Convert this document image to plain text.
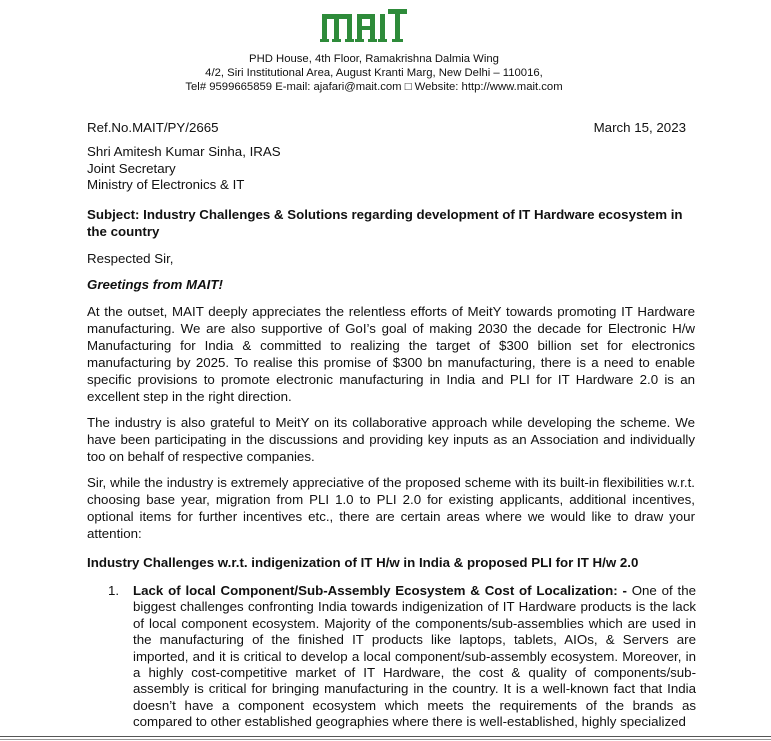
PHD House, 4th Floor, Ramakrishna Dalmia Wing
4/2, Siri Institutional Area, August Kranti Marg, New Delhi – 110016,
Tel# 9599665859 E-mail: ajafari@mait.com □ Website: http://www.mait.com
Ref.No.MAIT/PY/2665	March 15, 2023
Shri Amitesh Kumar Sinha, IRAS
Joint Secretary
Ministry of Electronics & IT
Subject: Industry Challenges & Solutions regarding development of IT Hardware ecosystem in the country
Respected Sir,
Greetings from MAIT!
At the outset, MAIT deeply appreciates the relentless efforts of MeitY towards promoting IT Hardware manufacturing. We are also supportive of GoI’s goal of making 2030 the decade for Electronic H/w Manufacturing for India & committed to realizing the target of $300 billion set for electronics manufacturing by 2025. To realise this promise of $300 bn manufacturing, there is a need to enable specific provisions to promote electronic manufacturing in India and PLI for IT Hardware 2.0 is an excellent step in the right direction.
The industry is also grateful to MeitY on its collaborative approach while developing the scheme. We have been participating in the discussions and providing key inputs as an Association and individually too on behalf of respective companies.
Sir, while the industry is extremely appreciative of the proposed scheme with its built-in flexibilities w.r.t. choosing base year, migration from PLI 1.0 to PLI 2.0 for existing applicants, additional incentives, optional items for further incentives etc., there are certain areas where we would like to draw your attention:
Industry Challenges w.r.t. indigenization of IT H/w in India & proposed PLI for IT H/w 2.0
1. Lack of local Component/Sub-Assembly Ecosystem & Cost of Localization: - One of the biggest challenges confronting India towards indigenization of IT Hardware products is the lack of local component ecosystem. Majority of the components/sub-assemblies which are used in the manufacturing of the finished IT products like laptops, tablets, AIOs, & Servers are imported, and it is critical to develop a local component/sub-assembly ecosystem. Moreover, in a highly cost-competitive market of IT Hardware, the cost & quality of components/sub-assembly is critical for bringing manufacturing in the country. It is a well-known fact that India doesn’t have a component ecosystem which meets the requirements of the brands as compared to other established geographies where there is well-established, highly specialized
